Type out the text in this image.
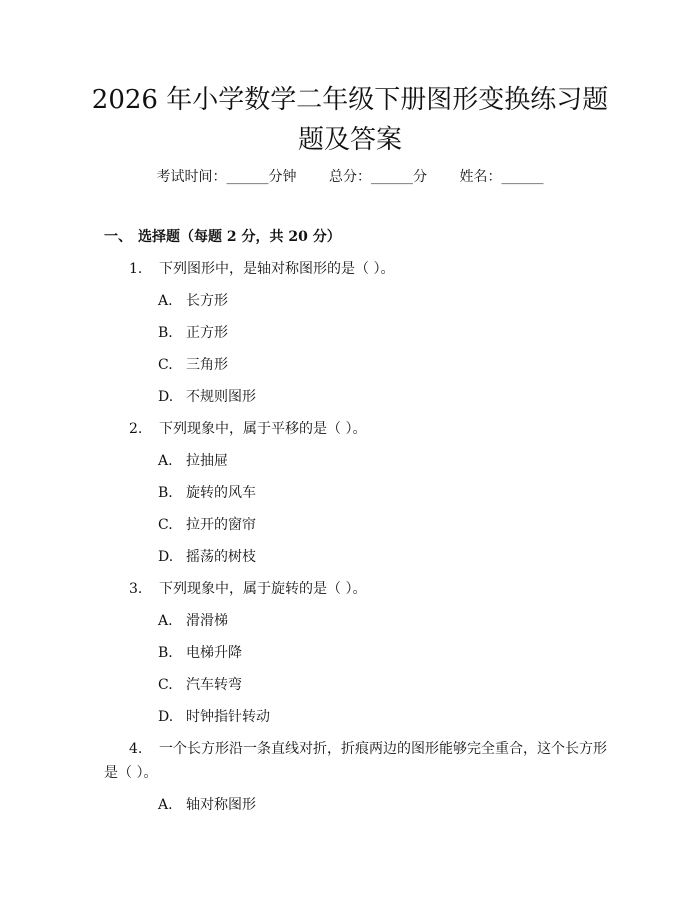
2026 年小学数学二年级下册图形变换练习题
题及答案
考试时间：______分钟 总分：______分 姓名：______
一、 选择题（每题 2 分，共 20 分）
1. 下列图形中，是轴对称图形的是（ ）。
A. 长方形
B. 正方形
C. 三角形
D. 不规则图形
2. 下列现象中，属于平移的是（ ）。
A. 拉抽屉
B. 旋转的风车
C. 拉开的窗帘
D. 摇荡的树枝
3. 下列现象中，属于旋转的是（ ）。
A. 滑滑梯
B. 电梯升降
C. 汽车转弯
D. 时钟指针转动
4. 一个长方形沿一条直线对折，折痕两边的图形能够完全重合，这个长方形
是（ ）。
A. 轴对称图形
